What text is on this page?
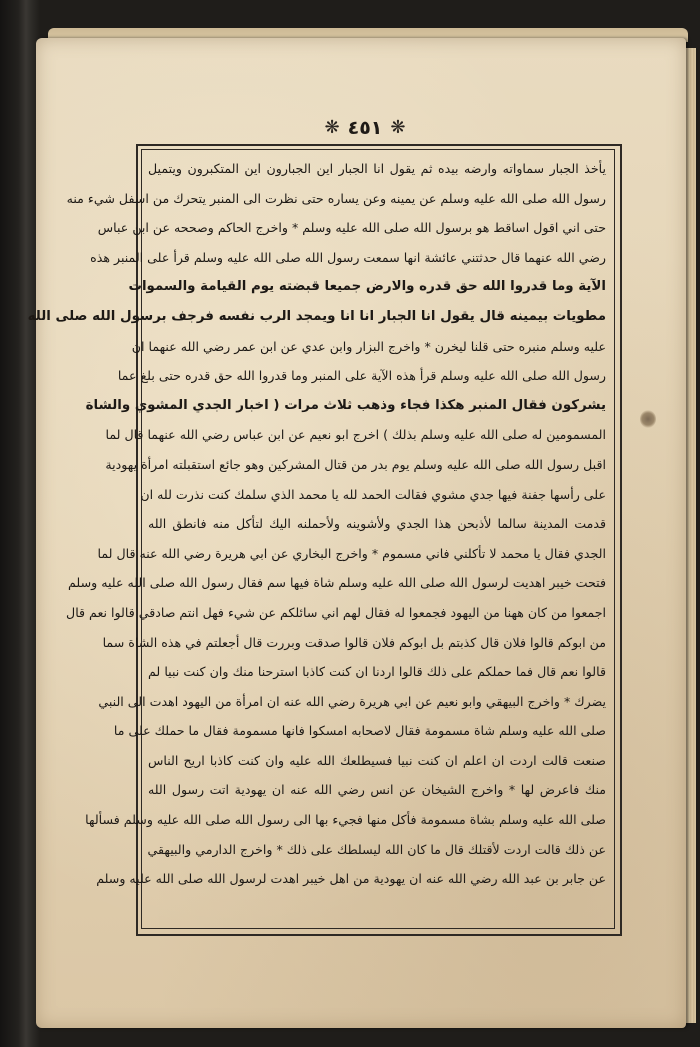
❋ ٤٥١ ❋
يأخذ الجبار سماواته وارضه بيده ثم يقول انا الجبار اين الجبارون اين المتكبرون ويتميل
رسول الله صلى الله عليه وسلم عن يمينه وعن يساره حتى نظرت الى المنبر يتحرك من اسفل شيء منه
حتى اني اقول اساقط هو برسول الله صلى الله عليه وسلم * واخرج الحاكم وصححه عن ابن عباس
رضي الله عنهما قال حدثتني عائشة انها سمعت رسول الله صلى الله عليه وسلم قرأ على المنبر هذه
الآية وما قدروا الله حق قدره والارض جميعا قبضته يوم القيامة والسموات
مطويات بيمينه قال يقول انا الجبار انا انا ويمجد الرب نفسه فرجف برسول الله صلى الله
عليه وسلم منبره حتى قلنا ليخرن * واخرج البزار وابن عدي عن ابن عمر رضي الله عنهما ان
رسول الله صلى الله عليه وسلم قرأ هذه الآية على المنبر وما قدروا الله حق قدره حتى بلغ عما
يشركون فقال المنبر هكذا فجاء وذهب ثلاث مرات ( اخبار الجدي المشوي والشاة
المسمومين له صلى الله عليه وسلم بذلك ) اخرج ابو نعيم عن ابن عباس رضي الله عنهما قال لما
اقبل رسول الله صلى الله عليه وسلم يوم بدر من قتال المشركين وهو جائع استقبلته امرأة يهودية
على رأسها جفنة فيها جدي مشوي فقالت الحمد لله يا محمد الذي سلمك كنت نذرت لله ان
قدمت المدينة سالما لأذبحن هذا الجدي ولأشوينه ولأحملنه اليك لتأكل منه فانطق الله
الجدي فقال يا محمد لا تأكلني فاني مسموم * واخرج البخاري عن ابي هريرة رضي الله عنه قال لما
فتحت خيبر اهديت لرسول الله صلى الله عليه وسلم شاة فيها سم فقال رسول الله صلى الله عليه وسلم
اجمعوا من كان ههنا من اليهود فجمعوا له فقال لهم اني سائلكم عن شيء فهل انتم صادقي قالوا نعم قال
من ابوكم قالوا فلان قال كذبتم بل ابوكم فلان قالوا صدقت وبررت قال أجعلتم في هذه الشاة سما
قالوا نعم قال فما حملكم على ذلك قالوا اردنا ان كنت كاذبا استرحنا منك وان كنت نبيا لم
يضرك * واخرج البيهقي وابو نعيم عن ابي هريرة رضي الله عنه ان امرأة من اليهود اهدت الى النبي
صلى الله عليه وسلم شاة مسمومة فقال لاصحابه امسكوا فانها مسمومة فقال ما حملك على ما
صنعت قالت اردت ان اعلم ان كنت نبيا فسيطلعك الله عليه وان كنت كاذبا اريح الناس
منك فاعرض لها * واخرج الشيخان عن انس رضي الله عنه ان يهودية اتت رسول الله
صلى الله عليه وسلم بشاة مسمومة فأكل منها فجيء بها الى رسول الله صلى الله عليه وسلم فسألها
عن ذلك قالت اردت لأقتلك قال ما كان الله ليسلطك على ذلك * واخرج الدارمي والبيهقي
عن جابر بن عبد الله رضي الله عنه ان يهودية من اهل خيبر اهدت لرسول الله صلى الله عليه وسلم
